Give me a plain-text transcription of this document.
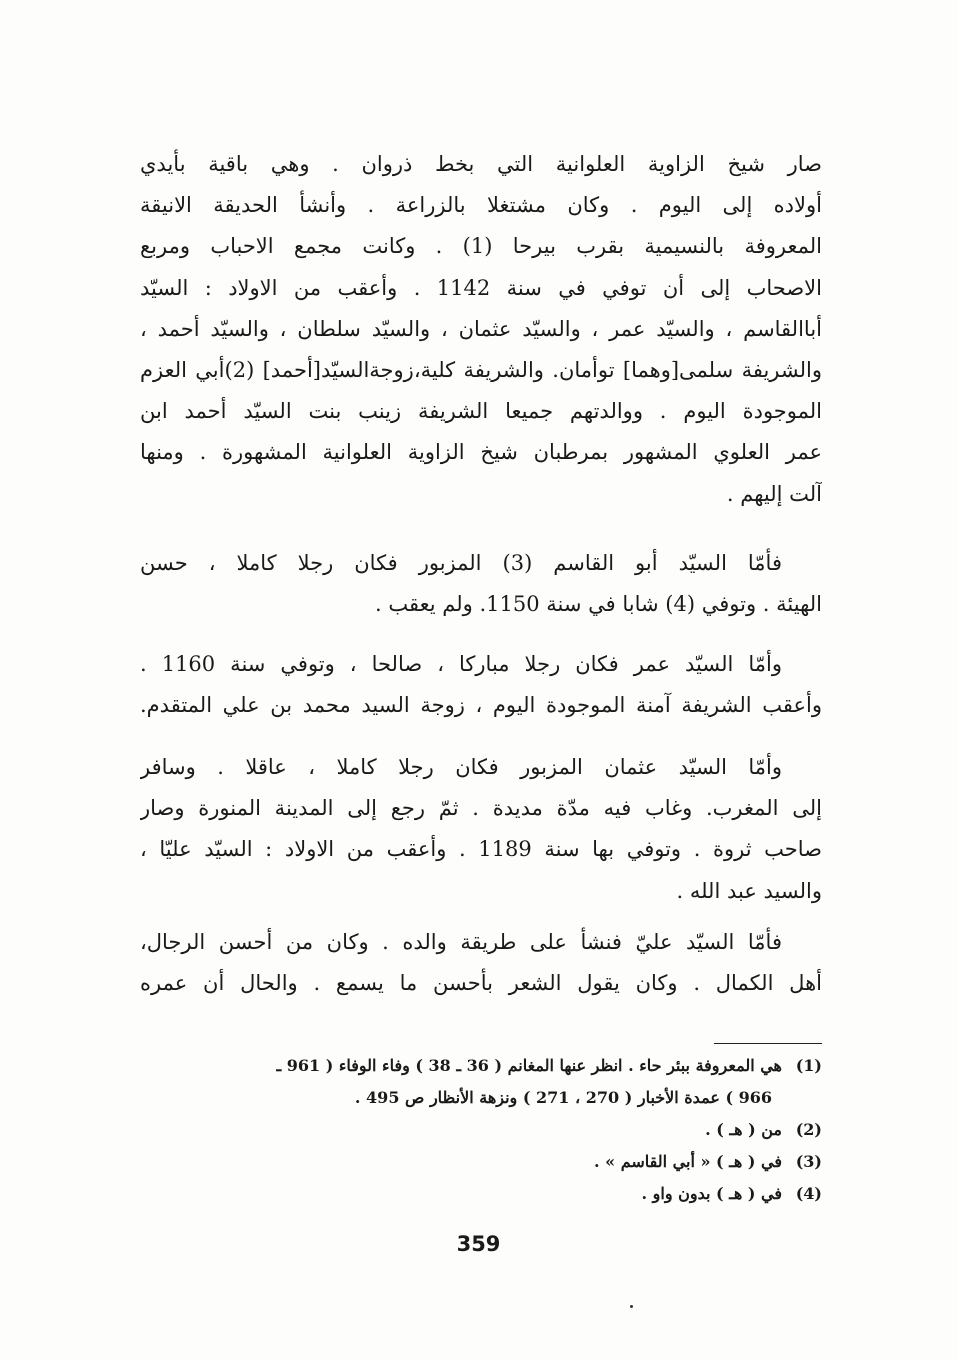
صار شيخ الزاوية العلوانية التي بخط ذروان . وهي باقية بأيدي
أولاده إلى اليوم . وكان مشتغلا بالزراعة . وأنشأ الحديقة الانيقة
المعروفة بالنسيمية بقرب بيرحا (1) . وكانت مجمع الاحباب ومربع
الاصحاب إلى أن توفي في سنة 1142 . وأعقب من الاولاد : السيّد
أباالقاسم ، والسيّد عمر ، والسيّد عثمان ، والسيّد سلطان ، والسيّد أحمد ،
والشريفة سلمى[وهما] توأمان. والشريفة كلية،زوجةالسيّد[أحمد] (2)أبي العزم
الموجودة اليوم . ووالدتهم جميعا الشريفة زينب بنت السيّد أحمد ابن
عمر العلوي المشهور بمرطبان شيخ الزاوية العلوانية المشهورة . ومنها
آلت إليهم .
فأمّا السيّد أبو القاسم (3) المزبور فكان رجلا كاملا ، حسن
الهيئة . وتوفي (4) شابا في سنة 1150. ولم يعقب .
وأمّا السيّد عمر فكان رجلا مباركا ، صالحا ، وتوفي سنة 1160 .
وأعقب الشريفة آمنة الموجودة اليوم ، زوجة السيد محمد بن علي المتقدم.
وأمّا السيّد عثمان المزبور فكان رجلا كاملا ، عاقلا . وسافر
إلى المغرب. وغاب فيه مدّة مديدة . ثمّ رجع إلى المدينة المنورة وصار
صاحب ثروة . وتوفي بها سنة 1189 . وأعقب من الاولاد : السيّد عليّا ،
والسيد عبد الله .
فأمّا السيّد عليّ فنشأ على طريقة والده . وكان من أحسن الرجال،
أهل الكمال . وكان يقول الشعر بأحسن ما يسمع . والحال أن عمره
(1)هي المعروفة ببئر حاء . انظر عنها المغانم ( 36 ـ 38 ) وفاء الوفاء ( 961 ـ
966 ) عمدة الأخبار ( 270 ، 271 ) ونزهة الأنظار ص 495 .
(2)من ( هـ ) .
(3)في ( هـ ) « أبي القاسم » .
(4)في ( هـ ) بدون واو .
359
